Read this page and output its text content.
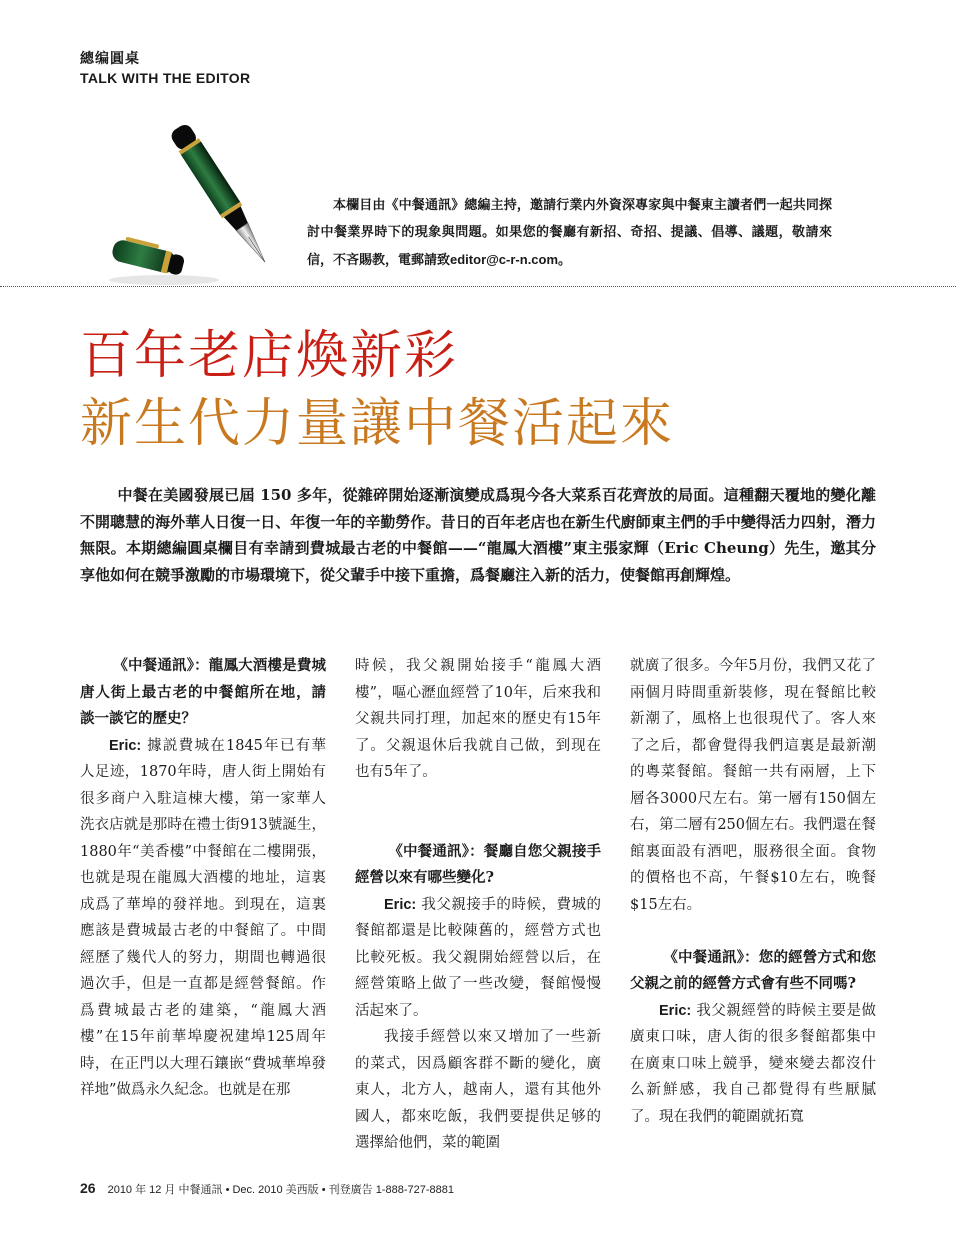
總编圓桌
TALK WITH THE EDITOR

本欄目由《中餐通訊》總編主持，邀請行業内外資深專家與中餐東主讀者們一起共同探討中餐業界時下的現象與問題。如果您的餐廳有新招、奇招、提議、倡導、議題，敬請來信，不吝賜教，電郵請致editor@c-r-n.com。

百年老店煥新彩
新生代力量讓中餐活起來

中餐在美國發展已屆 150 多年，從雜碎開始逐漸演變成爲現今各大菜系百花齊放的局面。這種翻天覆地的變化離不開聰慧的海外華人日復一日、年復一年的辛勤勞作。昔日的百年老店也在新生代廚師東主們的手中變得活力四射，潛力無限。本期總編圓桌欄目有幸請到費城最古老的中餐館——“龍鳳大酒樓”東主張家輝（Eric Cheung）先生，邀其分享他如何在競爭激勵的市場環境下，從父輩手中接下重擔，爲餐廳注入新的活力，使餐館再創輝煌。

《中餐通訊》：龍鳳大酒樓是費城唐人街上最古老的中餐館所在地，請談一談它的歷史？

Eric: 據説費城在1845年已有華人足迹，1870年時，唐人街上開始有很多商户入駐這棟大樓，第一家華人洗衣店就是那時在禮士街913號誕生，1880年“美香樓”中餐館在二樓開張，也就是現在龍鳳大酒樓的地址，這裏成爲了華埠的發祥地。到現在，這裏應該是費城最古老的中餐館了。中間經歷了幾代人的努力，期間也轉過很過次手，但是一直都是經營餐館。作爲費城最古老的建築，“龍鳳大酒樓”在15年前華埠慶祝建埠125周年時，在正門以大理石鑲嵌“費城華埠發祥地”做爲永久紀念。也就是在那

時候，我父親開始接手“龍鳳大酒樓”，嘔心瀝血經營了10年，后來我和父親共同打理，加起來的歷史有15年了。父親退休后我就自己做，到现在也有5年了。

《中餐通訊》：餐廳自您父親接手經營以來有哪些變化?

Eric: 我父親接手的時候，費城的餐館都還是比較陳舊的，經營方式也比較死板。我父親開始經營以后，在經營策略上做了一些改變，餐館慢慢活起來了。

我接手經營以來又增加了一些新的菜式，因爲顧客群不斷的變化，廣東人，北方人，越南人，還有其他外國人，都來吃飯，我們要提供足够的選擇給他們，菜的範圍

就廣了很多。今年5月份，我們又花了兩個月時間重新裝修，現在餐館比較新潮了，風格上也很現代了。客人來了之后，都會覺得我們這裏是最新潮的粵菜餐館。餐館一共有兩層，上下層各3000尺左右。第一層有150個左右，第二層有250個左右。我們還在餐館裏面設有酒吧，服務很全面。食物的價格也不高，午餐$10左右，晚餐$15左右。

《中餐通訊》：您的經營方式和您父親之前的經營方式會有些不同嗎?

Eric: 我父親經營的時候主要是做廣東口味，唐人街的很多餐館都集中在廣東口味上競爭，變來變去都沒什么新鮮感，我自己都覺得有些厭膩了。現在我們的範圍就拓寬

26 2010 年 12 月 中餐通訊 • Dec. 2010 美西版 • 刊登廣告 1-888-727-8881
